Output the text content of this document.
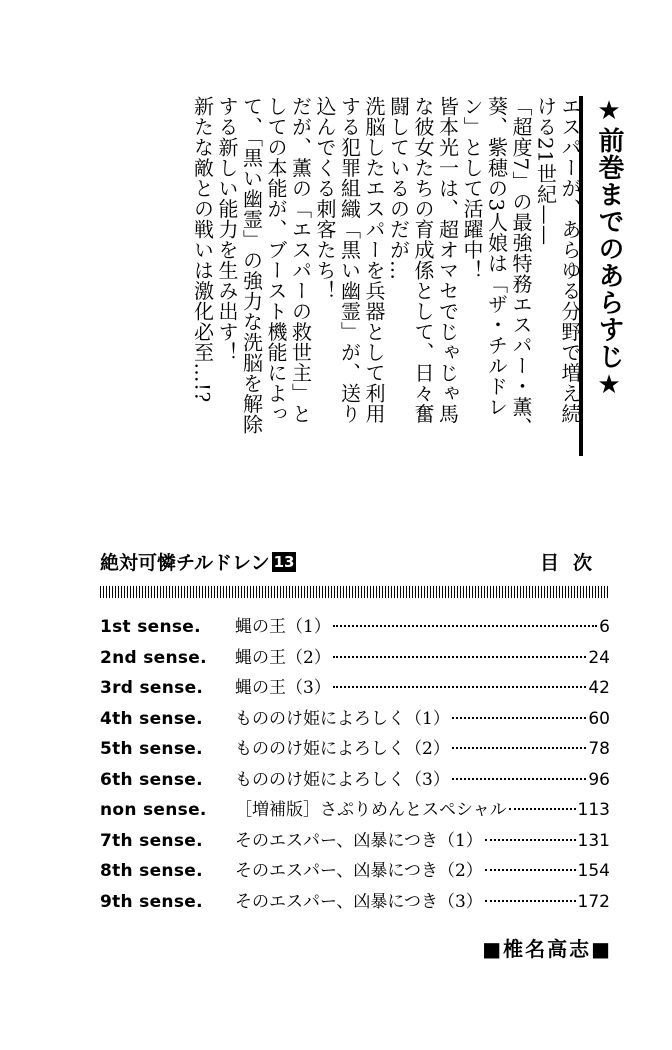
★前巻までのあらすじ★

エスパーが、あらゆる分野で増え続ける21世紀——

「超度7」の最強特務エスパー・薫、葵、紫穂の3人娘は「ザ・チルドレン」として活躍中！

皆本光一は、超オマセでじゃじゃ馬な彼女たちの育成係として、日々奮闘しているのだが…

洗脳したエスパーを兵器として利用する犯罪組織「黒い幽霊」が、送り込んでくる刺客たち！

だが、薫の「エスパーの救世主」としての本能が、ブースト機能によって、「黒い幽霊」の強力な洗脳を解除する新しい能力を生み出す！

新たな敵との戦いは激化必至…!?

絶対可憐チルドレン 13	目次
1st sense.	蝿の王（1）	6
2nd sense.	蝿の王（2）	24
3rd sense.	蝿の王（3）	42
4th sense.	もののけ姫によろしく（1）	60
5th sense.	もののけ姫によろしく（2）	78
6th sense.	もののけ姫によろしく（3）	96
non sense.	［増補版］さぷりめんとスペシャル	113
7th sense.	そのエスパー、凶暴につき（1）	131
8th sense.	そのエスパー、凶暴につき（2）	154
9th sense.	そのエスパー、凶暴につき（3）	172
■椎名高志■
